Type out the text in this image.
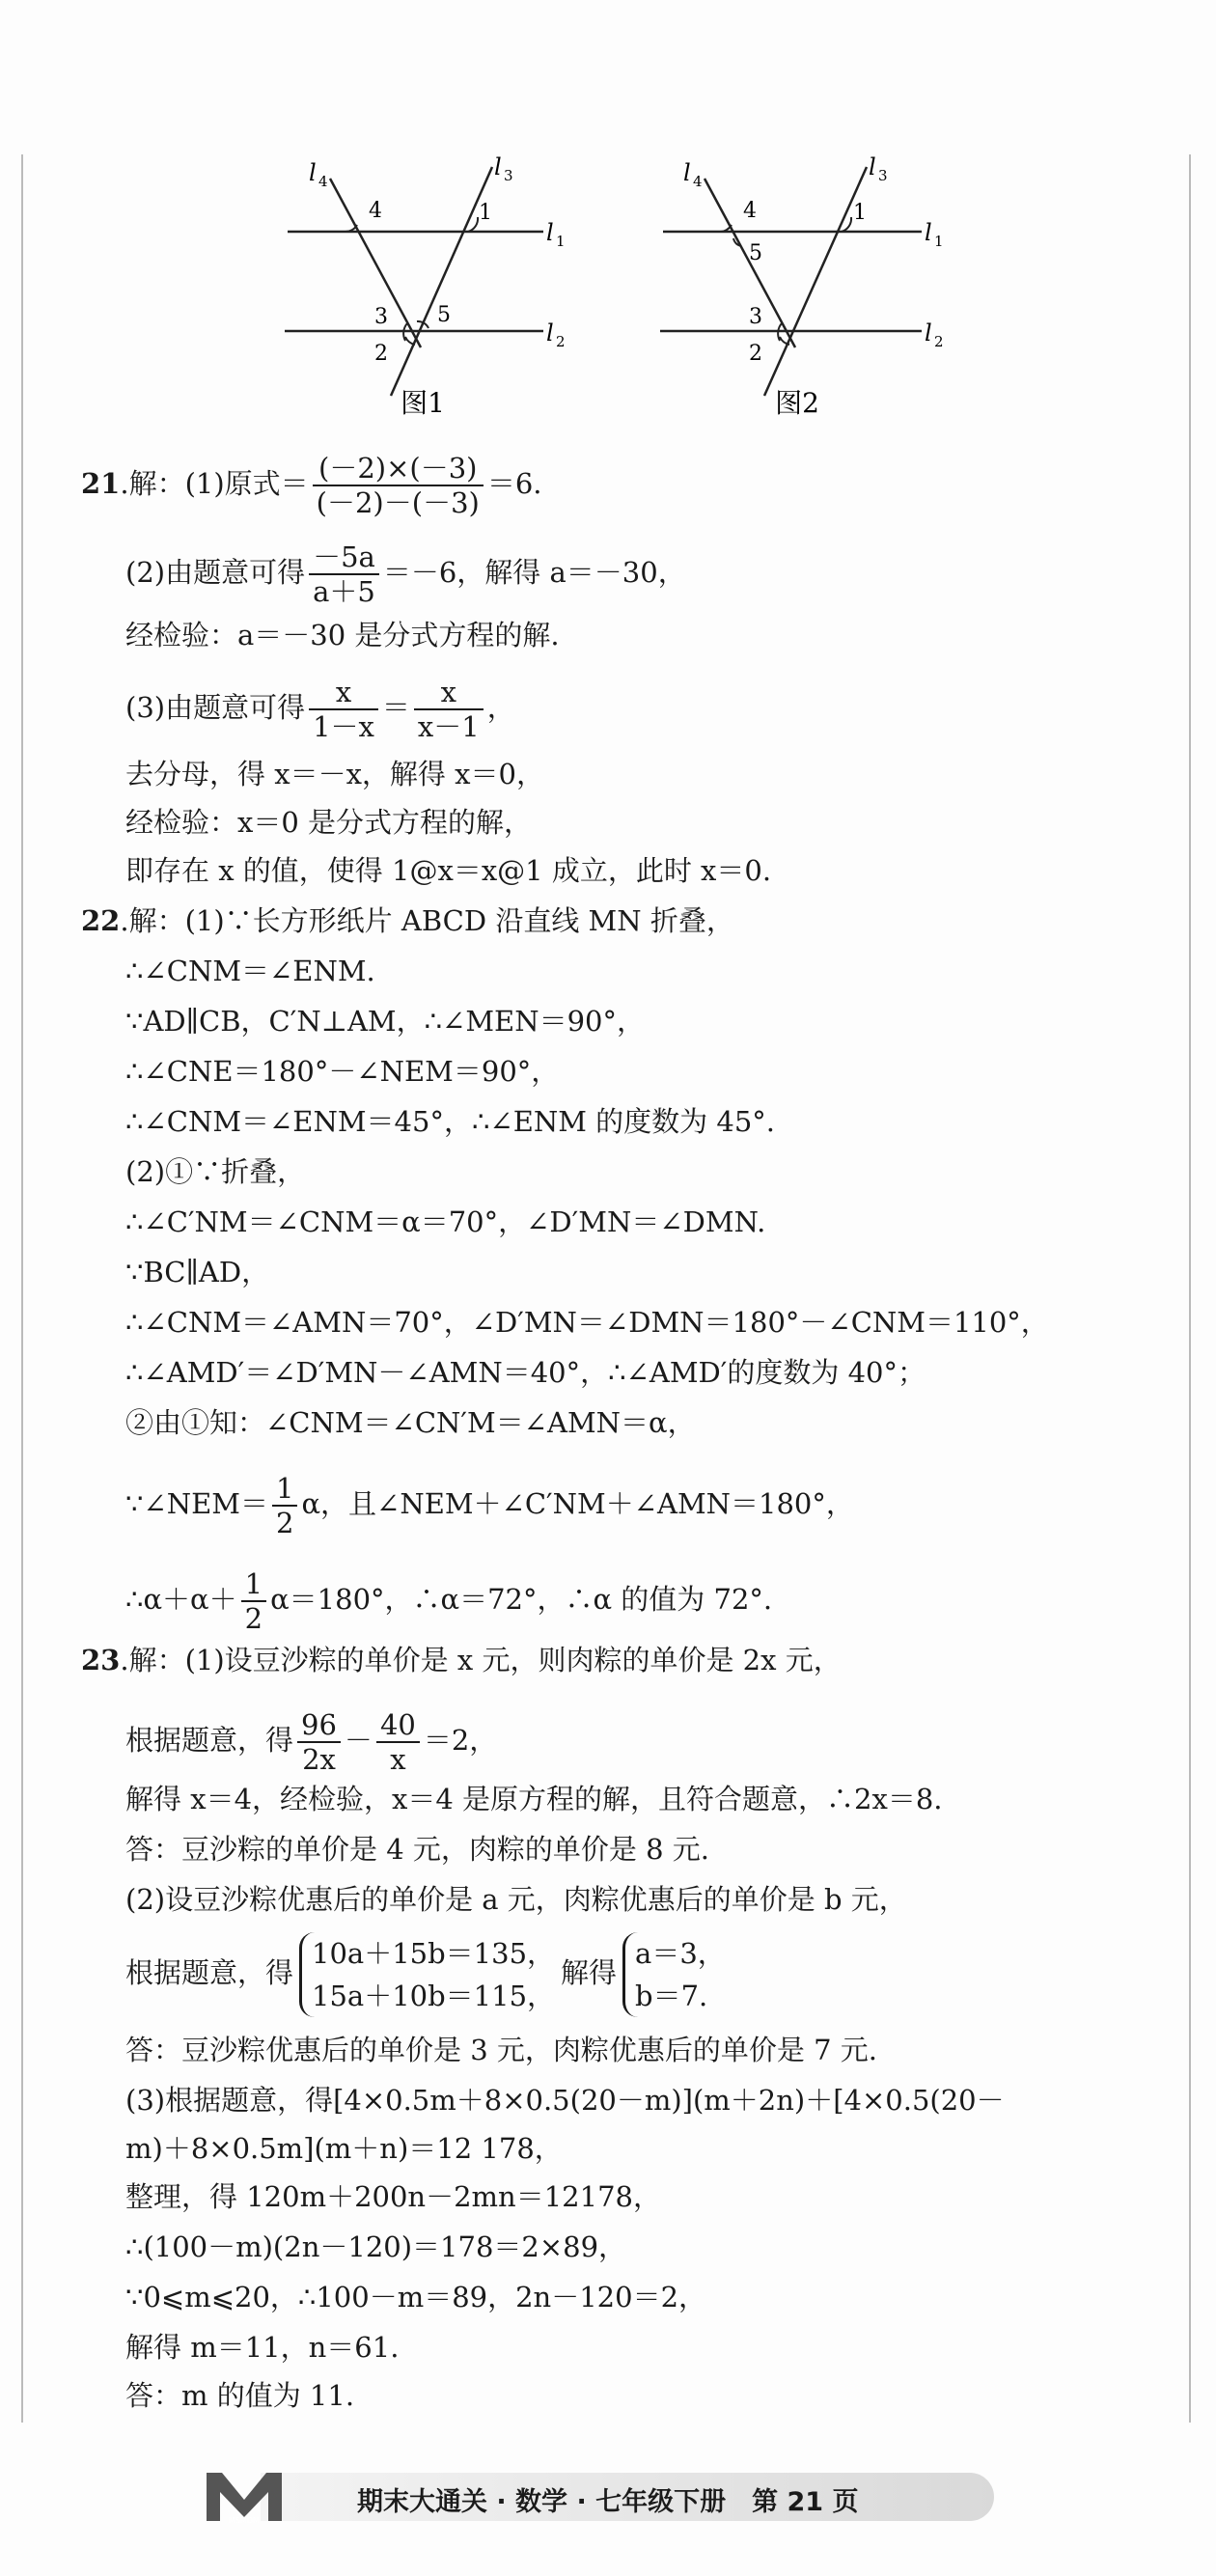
l 4
l 3
l 1
l 2
4	1
3 5
2
图1
l 4
l 3
l 1
l 2
4
5
1
3
2
图2
21.解：(1)原式＝ $\frac{(-2)\times(-3)}{(-2)-(-3)} =6$.
(2)由题意可得 $\frac{-5a}{a+5} =-6$，解得 a＝－30，
经检验：a＝－30 是分式方程的解.
(3)由题意可得 $\frac{x}{1-x} = \frac{x}{x-1}$ ，
去分母，得 x＝－x，解得 x＝0，
经检验：x＝0 是分式方程的解，
即存在 x 的值，使得 1@x＝x@1 成立，此时 x＝0.
22.解：(1)∵长方形纸片 ABCD 沿直线 MN 折叠，
∴∠CNM＝∠ENM.
∵AD∥CB，C′N⊥AM，∴∠MEN＝90°，
∴∠CNE＝180°－∠NEM＝90°，
∴∠CNM＝∠ENM＝45°，∴∠ENM 的度数为 45°.
(2)①∵折叠，
∴∠C′NM＝∠CNM＝α＝70°，∠D′MN＝∠DMN.
∵BC∥AD，
∴∠CNM＝∠AMN＝70°，∠D′MN＝∠DMN＝180°－∠CNM＝110°，
∴∠AMD′＝∠D′MN－∠AMN＝40°，∴∠AMD′的度数为 40°；
②由①知：∠CNM＝∠CN′M＝∠AMN＝α，
∵∠NEM＝ $\frac{1}{2}$ α，且∠NEM＋∠C′NM＋∠AMN＝180°，
∴α＋α＋ $\frac{1}{2} \alpha=180^\circ$，∴α＝72°，∴α 的值为 72°.
23.解：(1)设豆沙粽的单价是 x 元，则肉粽的单价是 2x 元，
根据题意，得 $\frac{96}{2x} - \frac{40}{x} =2$，
解得 x＝4，经检验，x＝4 是原方程的解，且符合题意，∴2x＝8.
答：豆沙粽的单价是 4 元，肉粽的单价是 8 元.
(2)设豆沙粽优惠后的单价是 a 元，肉粽优惠后的单价是 b 元，
根据题意，得
10a＋15b＝135，
15a＋10b＝115，
解得
a＝3，
b＝7.
答：豆沙粽优惠后的单价是 3 元，肉粽优惠后的单价是 7 元.
(3)根据题意，得[4×0.5m＋8×0.5(20－m)](m＋2n)＋[4×0.5(20－
m)＋8×0.5m](m＋n)＝12 178，
整理，得 120m＋200n－2mn＝12178，
∴(100－m)(2n－120)＝178＝2×89，
∵0⩽m⩽20，∴100－m＝89，2n－120＝2，
解得 m＝11，n＝61.
答：m 的值为 11.
MSMDM
期末大通关 · 数学 · 七年级下册　第 21 页
